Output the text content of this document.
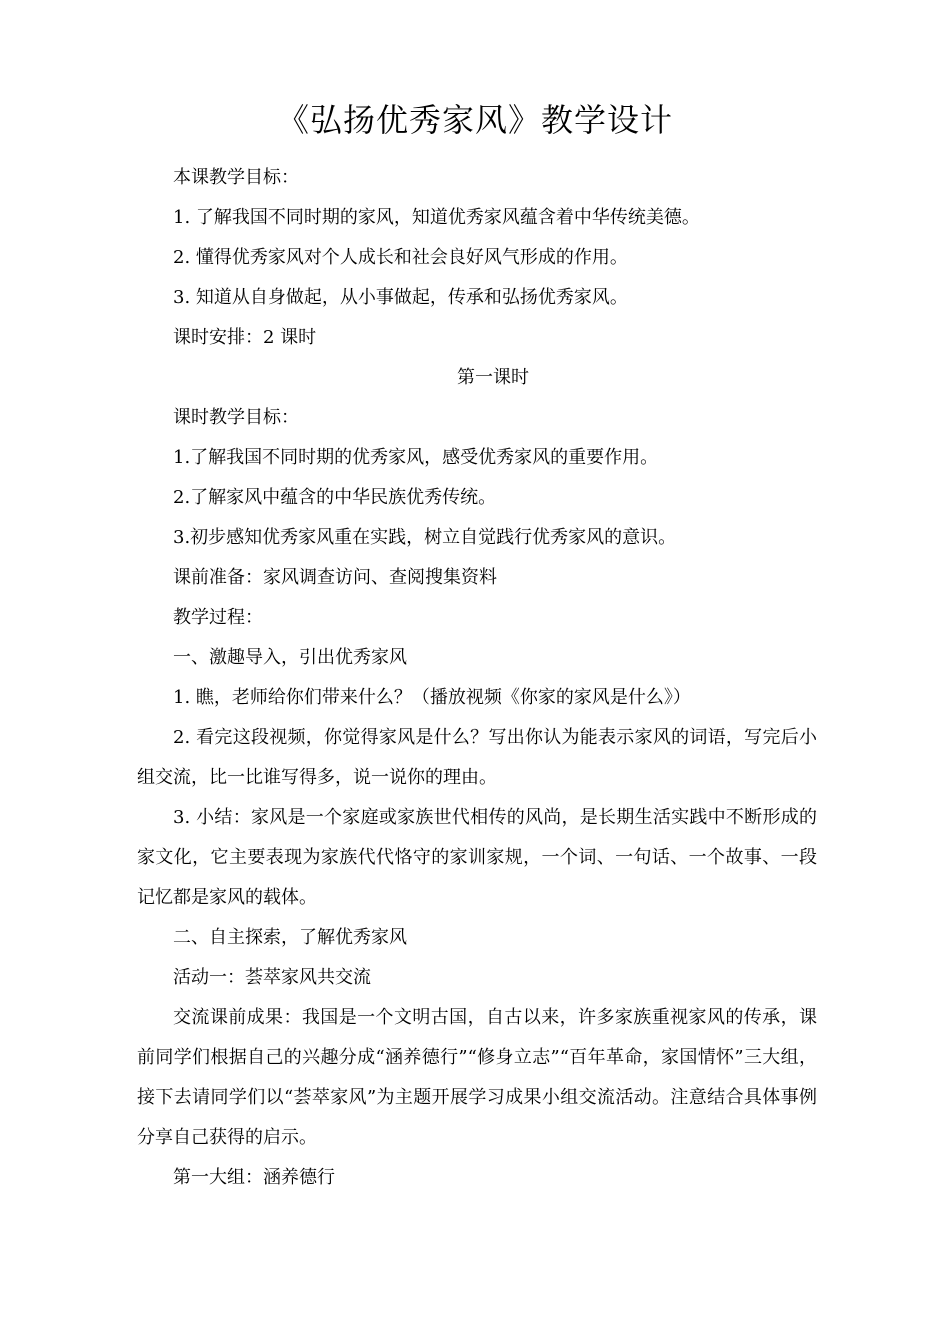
《弘扬优秀家风》教学设计
本课教学目标：
1. 了解我国不同时期的家风，知道优秀家风蕴含着中华传统美德。
2. 懂得优秀家风对个人成长和社会良好风气形成的作用。
3. 知道从自身做起，从小事做起，传承和弘扬优秀家风。
课时安排：2 课时
第一课时
课时教学目标：
1.了解我国不同时期的优秀家风，感受优秀家风的重要作用。
2.了解家风中蕴含的中华民族优秀传统。
3.初步感知优秀家风重在实践，树立自觉践行优秀家风的意识。
课前准备：家风调查访问、查阅搜集资料
教学过程：
一、激趣导入，引出优秀家风
1. 瞧，老师给你们带来什么？（播放视频《你家的家风是什么》）

2. 看完这段视频，你觉得家风是什么？写出你认为能表示家风的词语，写完后小组交流，比一比谁写得多，说一说你的理由。

3. 小结：家风是一个家庭或家族世代相传的风尚，是长期生活实践中不断形成的家文化，它主要表现为家族代代恪守的家训家规，一个词、一句话、一个故事、一段记忆都是家风的载体。

二、自主探索，了解优秀家风
活动一：荟萃家风共交流

交流课前成果：我国是一个文明古国，自古以来，许多家族重视家风的传承，课前同学们根据自己的兴趣分成“涵养德行”“修身立志”“百年革命，家国情怀”三大组，接下去请同学们以“荟萃家风”为主题开展学习成果小组交流活动。注意结合具体事例分享自己获得的启示。

第一大组：涵养德行
